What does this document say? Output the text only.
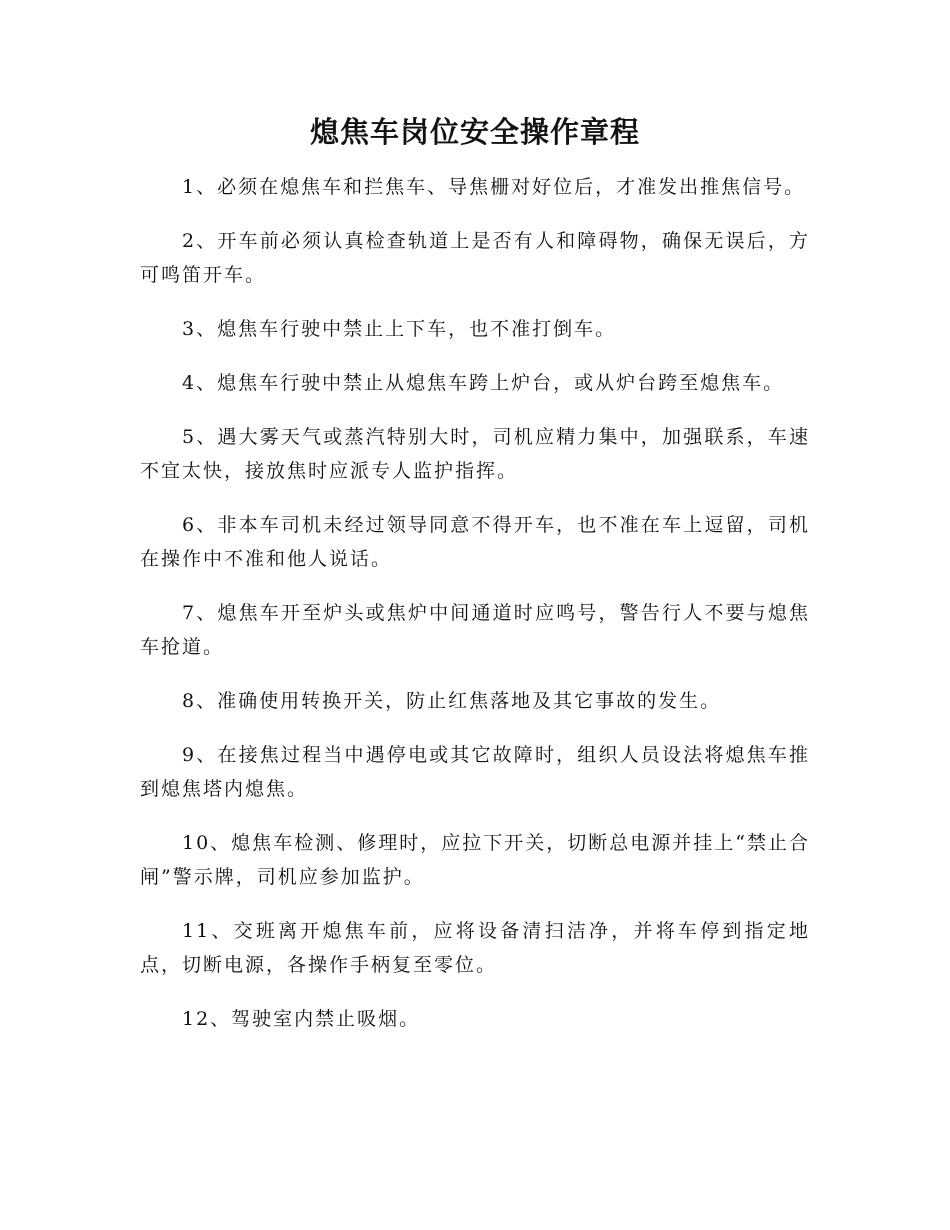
熄焦车岗位安全操作章程

1、必须在熄焦车和拦焦车、导焦栅对好位后，才准发出推焦信号。

2、开车前必须认真检查轨道上是否有人和障碍物，确保无误后，方可鸣笛开车。

3、熄焦车行驶中禁止上下车，也不准打倒车。

4、熄焦车行驶中禁止从熄焦车跨上炉台，或从炉台跨至熄焦车。

5、遇大雾天气或蒸汽特别大时，司机应精力集中，加强联系，车速不宜太快，接放焦时应派专人监护指挥。

6、非本车司机未经过领导同意不得开车，也不准在车上逗留，司机在操作中不准和他人说话。

7、熄焦车开至炉头或焦炉中间通道时应鸣号，警告行人不要与熄焦车抢道。

8、准确使用转换开关，防止红焦落地及其它事故的发生。

9、在接焦过程当中遇停电或其它故障时，组织人员设法将熄焦车推到熄焦塔内熄焦。

10、熄焦车检测、修理时，应拉下开关，切断总电源并挂上“禁止合闸”警示牌，司机应参加监护。

11、交班离开熄焦车前，应将设备清扫洁净，并将车停到指定地点，切断电源，各操作手柄复至零位。

12、驾驶室内禁止吸烟。
